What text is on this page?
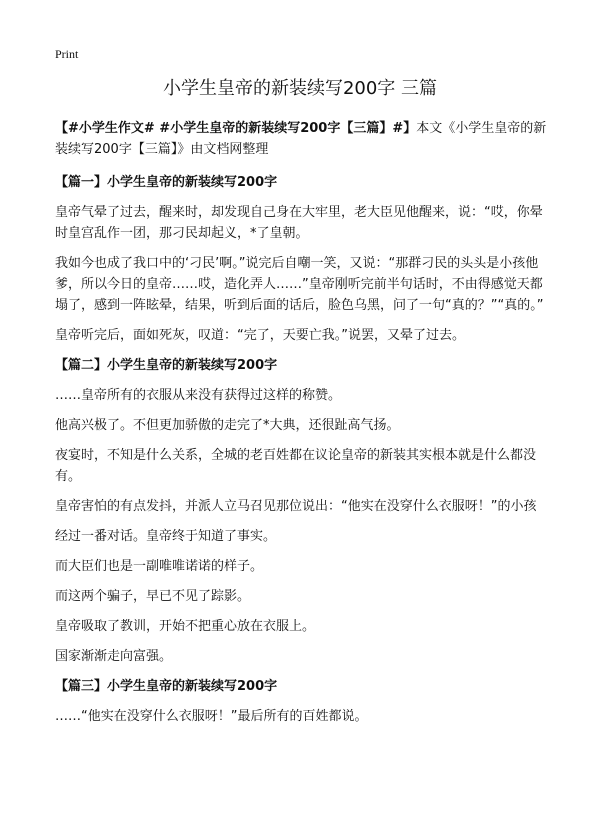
Print
小学生皇帝的新装续写200字 三篇
【#小学生作文# #小学生皇帝的新装续写200字【三篇】#】本文《小学生皇帝的新装续写200字【三篇】》由文档网整理
【篇一】小学生皇帝的新装续写200字
皇帝气晕了过去，醒来时，却发现自己身在大牢里，老大臣见他醒来，说：“哎，你晕时皇宫乱作一团，那刁民却起义，*了皇朝。
我如今也成了我口中的‘刁民’啊。”说完后自嘲一笑，又说：“那群刁民的头头是小孩他爹，所以今日的皇帝……哎，造化弄人……”皇帝刚听完前半句话时，不由得感觉天都塌了，感到一阵眩晕，结果，听到后面的话后，脸色乌黑，问了一句“真的？”“真的。”
皇帝听完后，面如死灰，叹道：“完了，天要亡我。”说罢，又晕了过去。
【篇二】小学生皇帝的新装续写200字
……皇帝所有的衣服从来没有获得过这样的称赞。
他高兴极了。不但更加骄傲的走完了*大典，还很趾高气扬。
夜宴时，不知是什么关系，全城的老百姓都在议论皇帝的新装其实根本就是什么都没有。
皇帝害怕的有点发抖，并派人立马召见那位说出：“他实在没穿什么衣服呀！”的小孩
经过一番对话。皇帝终于知道了事实。
而大臣们也是一副唯唯诺诺的样子。
而这两个骗子，早已不见了踪影。
皇帝吸取了教训，开始不把重心放在衣服上。
国家渐渐走向富强。
【篇三】小学生皇帝的新装续写200字
……“他实在没穿什么衣服呀！”最后所有的百姓都说。
